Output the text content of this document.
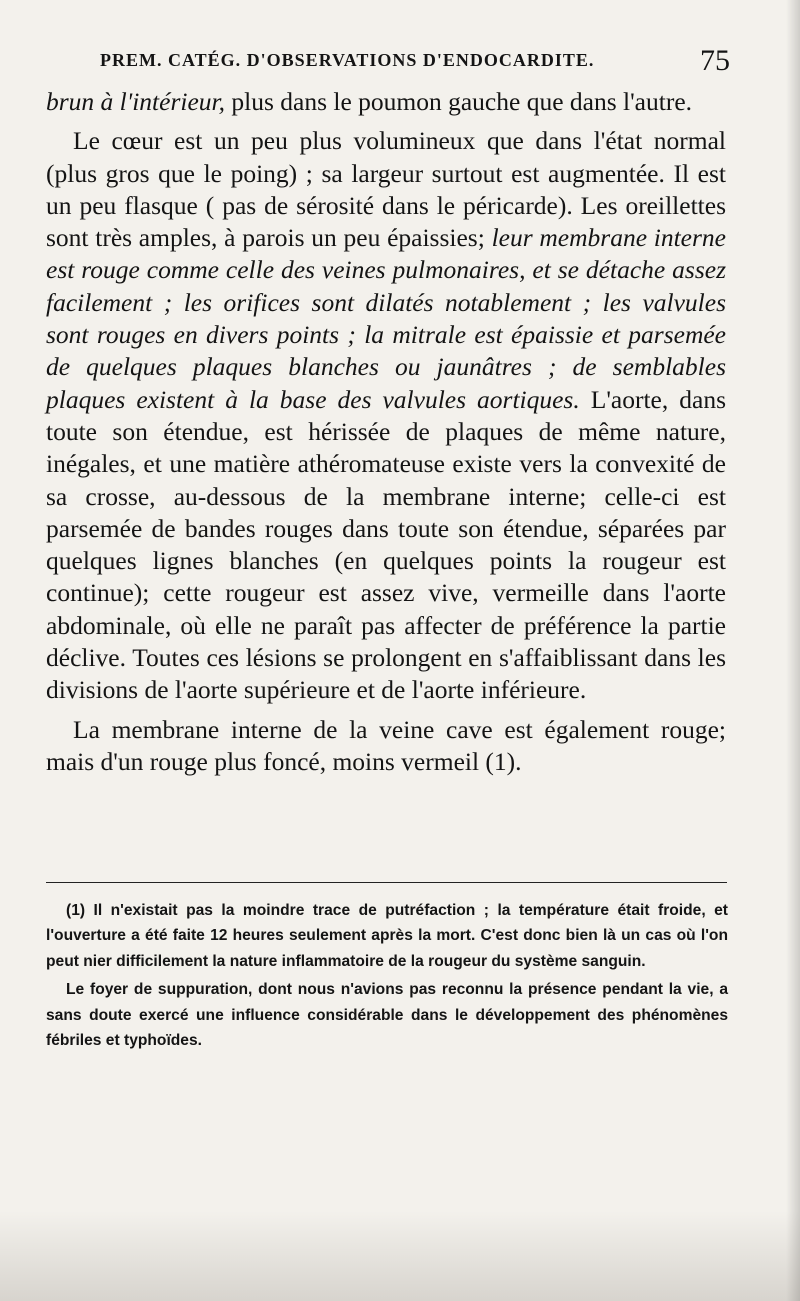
PREM. CATÉG. D'OBSERVATIONS D'ENDOCARDITE.	75

brun à l'intérieur, plus dans le poumon gauche que dans l'autre.

Le cœur est un peu plus volumineux que dans l'état normal (plus gros que le poing) ; sa largeur surtout est augmentée. Il est un peu flasque ( pas de sérosité dans le péricarde). Les oreillettes sont très amples, à parois un peu épaissies; leur membrane interne est rouge comme celle des veines pulmonaires, et se détache assez facilement ; les orifices sont dilatés notablement ; les valvules sont rouges en divers points ; la mitrale est épaissie et parsemée de quelques plaques blanches ou jaunâtres ; de semblables plaques existent à la base des valvules aortiques. L'aorte, dans toute son étendue, est hérissée de plaques de même nature, inégales, et une matière athéromateuse existe vers la convexité de sa crosse, au-dessous de la membrane interne; celle-ci est parsemée de bandes rouges dans toute son étendue, séparées par quelques lignes blanches (en quelques points la rougeur est continue); cette rougeur est assez vive, vermeille dans l'aorte abdominale, où elle ne paraît pas affecter de préférence la partie déclive. Toutes ces lésions se prolongent en s'affaiblissant dans les divisions de l'aorte supérieure et de l'aorte inférieure.

La membrane interne de la veine cave est également rouge; mais d'un rouge plus foncé, moins vermeil (1).

(1) Il n'existait pas la moindre trace de putréfaction ; la température était froide, et l'ouverture a été faite 12 heures seulement après la mort. C'est donc bien là un cas où l'on peut nier difficilement la nature inflammatoire de la rougeur du système sanguin.

Le foyer de suppuration, dont nous n'avions pas reconnu la présence pendant la vie, a sans doute exercé une influence considérable dans le développement des phénomènes fébriles et typhoïdes.
